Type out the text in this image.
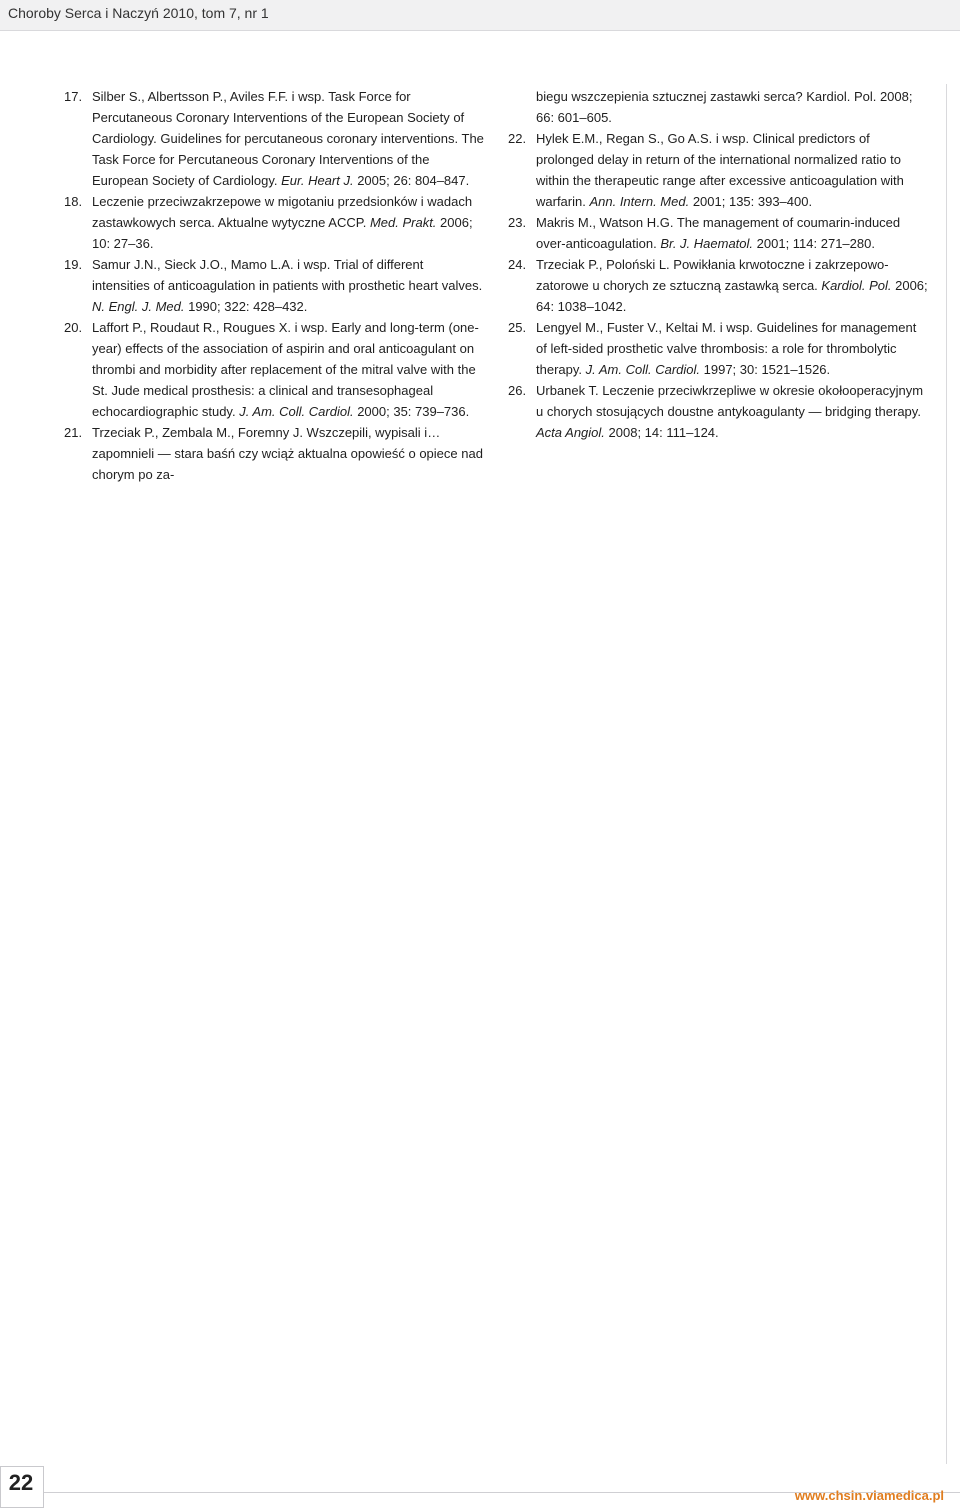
Choroby Serca i Naczyń 2010, tom 7, nr 1
17. Silber S., Albertsson P., Aviles F.F. i wsp. Task Force for Percutaneous Coronary Interventions of the European Society of Cardiology. Guidelines for percutaneous coronary interventions. The Task Force for Percutaneous Coronary Interventions of the European Society of Cardiology. Eur. Heart J. 2005; 26: 804–847.
18. Leczenie przeciwzakrzepowe w migotaniu przedsionków i wadach zastawkowych serca. Aktualne wytyczne ACCP. Med. Prakt. 2006; 10: 27–36.
19. Samur J.N., Sieck J.O., Mamo L.A. i wsp. Trial of different intensities of anticoagulation in patients with prosthetic heart valves. N. Engl. J. Med. 1990; 322: 428–432.
20. Laffort P., Roudaut R., Rougues X. i wsp. Early and long-term (one-year) effects of the association of aspirin and oral anticoagulant on thrombi and morbidity after replacement of the mitral valve with the St. Jude medical prosthesis: a clinical and transesophageal echocardiographic study. J. Am. Coll. Cardiol. 2000; 35: 739–736.
21. Trzeciak P., Zembala M., Foremny J. Wszczepili, wypisali i… zapomnieli — stara baśń czy wciąż aktualna opowieść o opiece nad chorym po za-
biegu wszczepienia sztucznej zastawki serca? Kardiol. Pol. 2008; 66: 601–605.
22. Hylek E.M., Regan S., Go A.S. i wsp. Clinical predictors of prolonged delay in return of the international normalized ratio to within the therapeutic range after excessive anticoagulation with warfarin. Ann. Intern. Med. 2001; 135: 393–400.
23. Makris M., Watson H.G. The management of coumarin-induced over-anticoagulation. Br. J. Haematol. 2001; 114: 271–280.
24. Trzeciak P., Poloński L. Powikłania krwotoczne i zakrzepowo-zatorowe u chorych ze sztuczną zastawką serca. Kardiol. Pol. 2006; 64: 1038–1042.
25. Lengyel M., Fuster V., Keltai M. i wsp. Guidelines for management of left-sided prosthetic valve thrombosis: a role for thrombolytic therapy. J. Am. Coll. Cardiol. 1997; 30: 1521–1526.
26. Urbanek T. Leczenie przeciwkrzepliwe w okresie okołooperacyjnym u chorych stosujących doustne antykoagulanty — bridging therapy. Acta Angiol. 2008; 14: 111–124.
22
www.chsin.viamedica.pl
